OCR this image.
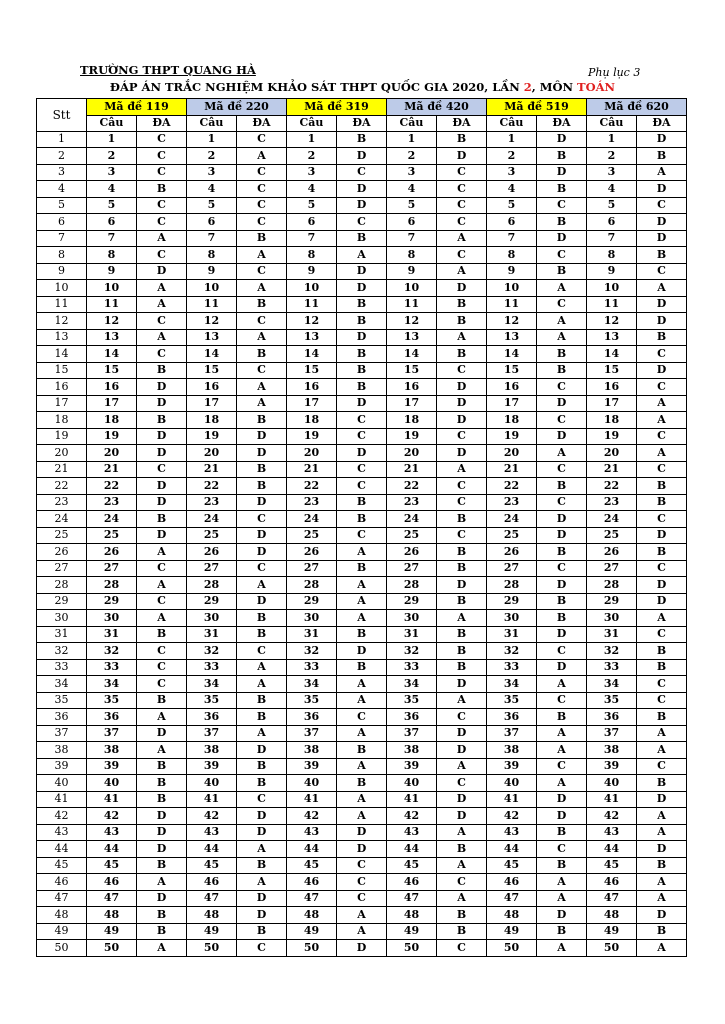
TRƯỜNG THPT QUANG HÀ	Phụ lục 3
ĐÁP ÁN TRẮC NGHIỆM KHẢO SÁT THPT QUỐC GIA 2020, LẦN 2, MÔN TOÁN
Stt	Mã đề 119		Mã đề 220		Mã đề 319		Mã đề 420		Mã đề 519		Mã đề 620	
	Câu	ĐA	Câu	ĐA	Câu	ĐA	Câu	ĐA	Câu	ĐA	Câu	ĐA
1	1	C	1	C	1	B	1	B	1	D	1	D
2	2	C	2	A	2	D	2	D	2	B	2	B
3	3	C	3	C	3	C	3	C	3	D	3	A
4	4	B	4	C	4	D	4	C	4	B	4	D
5	5	C	5	C	5	D	5	C	5	C	5	C
6	6	C	6	C	6	C	6	C	6	B	6	D
7	7	A	7	B	7	B	7	A	7	D	7	D
8	8	C	8	A	8	A	8	C	8	C	8	B
9	9	D	9	C	9	D	9	A	9	B	9	C
10	10	A	10	A	10	D	10	D	10	A	10	A
11	11	A	11	B	11	B	11	B	11	C	11	D
12	12	C	12	C	12	B	12	B	12	A	12	D
13	13	A	13	A	13	D	13	A	13	A	13	B
14	14	C	14	B	14	B	14	B	14	B	14	C
15	15	B	15	C	15	B	15	C	15	B	15	D
16	16	D	16	A	16	B	16	D	16	C	16	C
17	17	D	17	A	17	D	17	D	17	D	17	A
18	18	B	18	B	18	C	18	D	18	C	18	A
19	19	D	19	D	19	C	19	C	19	D	19	C
20	20	D	20	D	20	D	20	D	20	A	20	A
21	21	C	21	B	21	C	21	A	21	C	21	C
22	22	D	22	B	22	C	22	C	22	B	22	B
23	23	D	23	D	23	B	23	C	23	C	23	B
24	24	B	24	C	24	B	24	B	24	D	24	C
25	25	D	25	D	25	C	25	C	25	D	25	D
26	26	A	26	D	26	A	26	B	26	B	26	B
27	27	C	27	C	27	B	27	B	27	C	27	C
28	28	A	28	A	28	A	28	D	28	D	28	D
29	29	C	29	D	29	A	29	B	29	B	29	D
30	30	A	30	B	30	A	30	A	30	B	30	A
31	31	B	31	B	31	B	31	B	31	D	31	C
32	32	C	32	C	32	D	32	B	32	C	32	B
33	33	C	33	A	33	B	33	B	33	D	33	B
34	34	C	34	A	34	A	34	D	34	A	34	C
35	35	B	35	B	35	A	35	A	35	C	35	C
36	36	A	36	B	36	C	36	C	36	B	36	B
37	37	D	37	A	37	A	37	D	37	A	37	A
38	38	A	38	D	38	B	38	D	38	A	38	A
39	39	B	39	B	39	A	39	A	39	C	39	C
40	40	B	40	B	40	B	40	C	40	A	40	B
41	41	B	41	C	41	A	41	D	41	D	41	D
42	42	D	42	D	42	A	42	D	42	D	42	A
43	43	D	43	D	43	D	43	A	43	B	43	A
44	44	D	44	A	44	D	44	B	44	C	44	D
45	45	B	45	B	45	C	45	A	45	B	45	B
46	46	A	46	A	46	C	46	C	46	A	46	A
47	47	D	47	D	47	C	47	A	47	A	47	A
48	48	B	48	D	48	A	48	B	48	D	48	D
49	49	B	49	B	49	A	49	B	49	B	49	B
50	50	A	50	C	50	D	50	C	50	A	50	A
